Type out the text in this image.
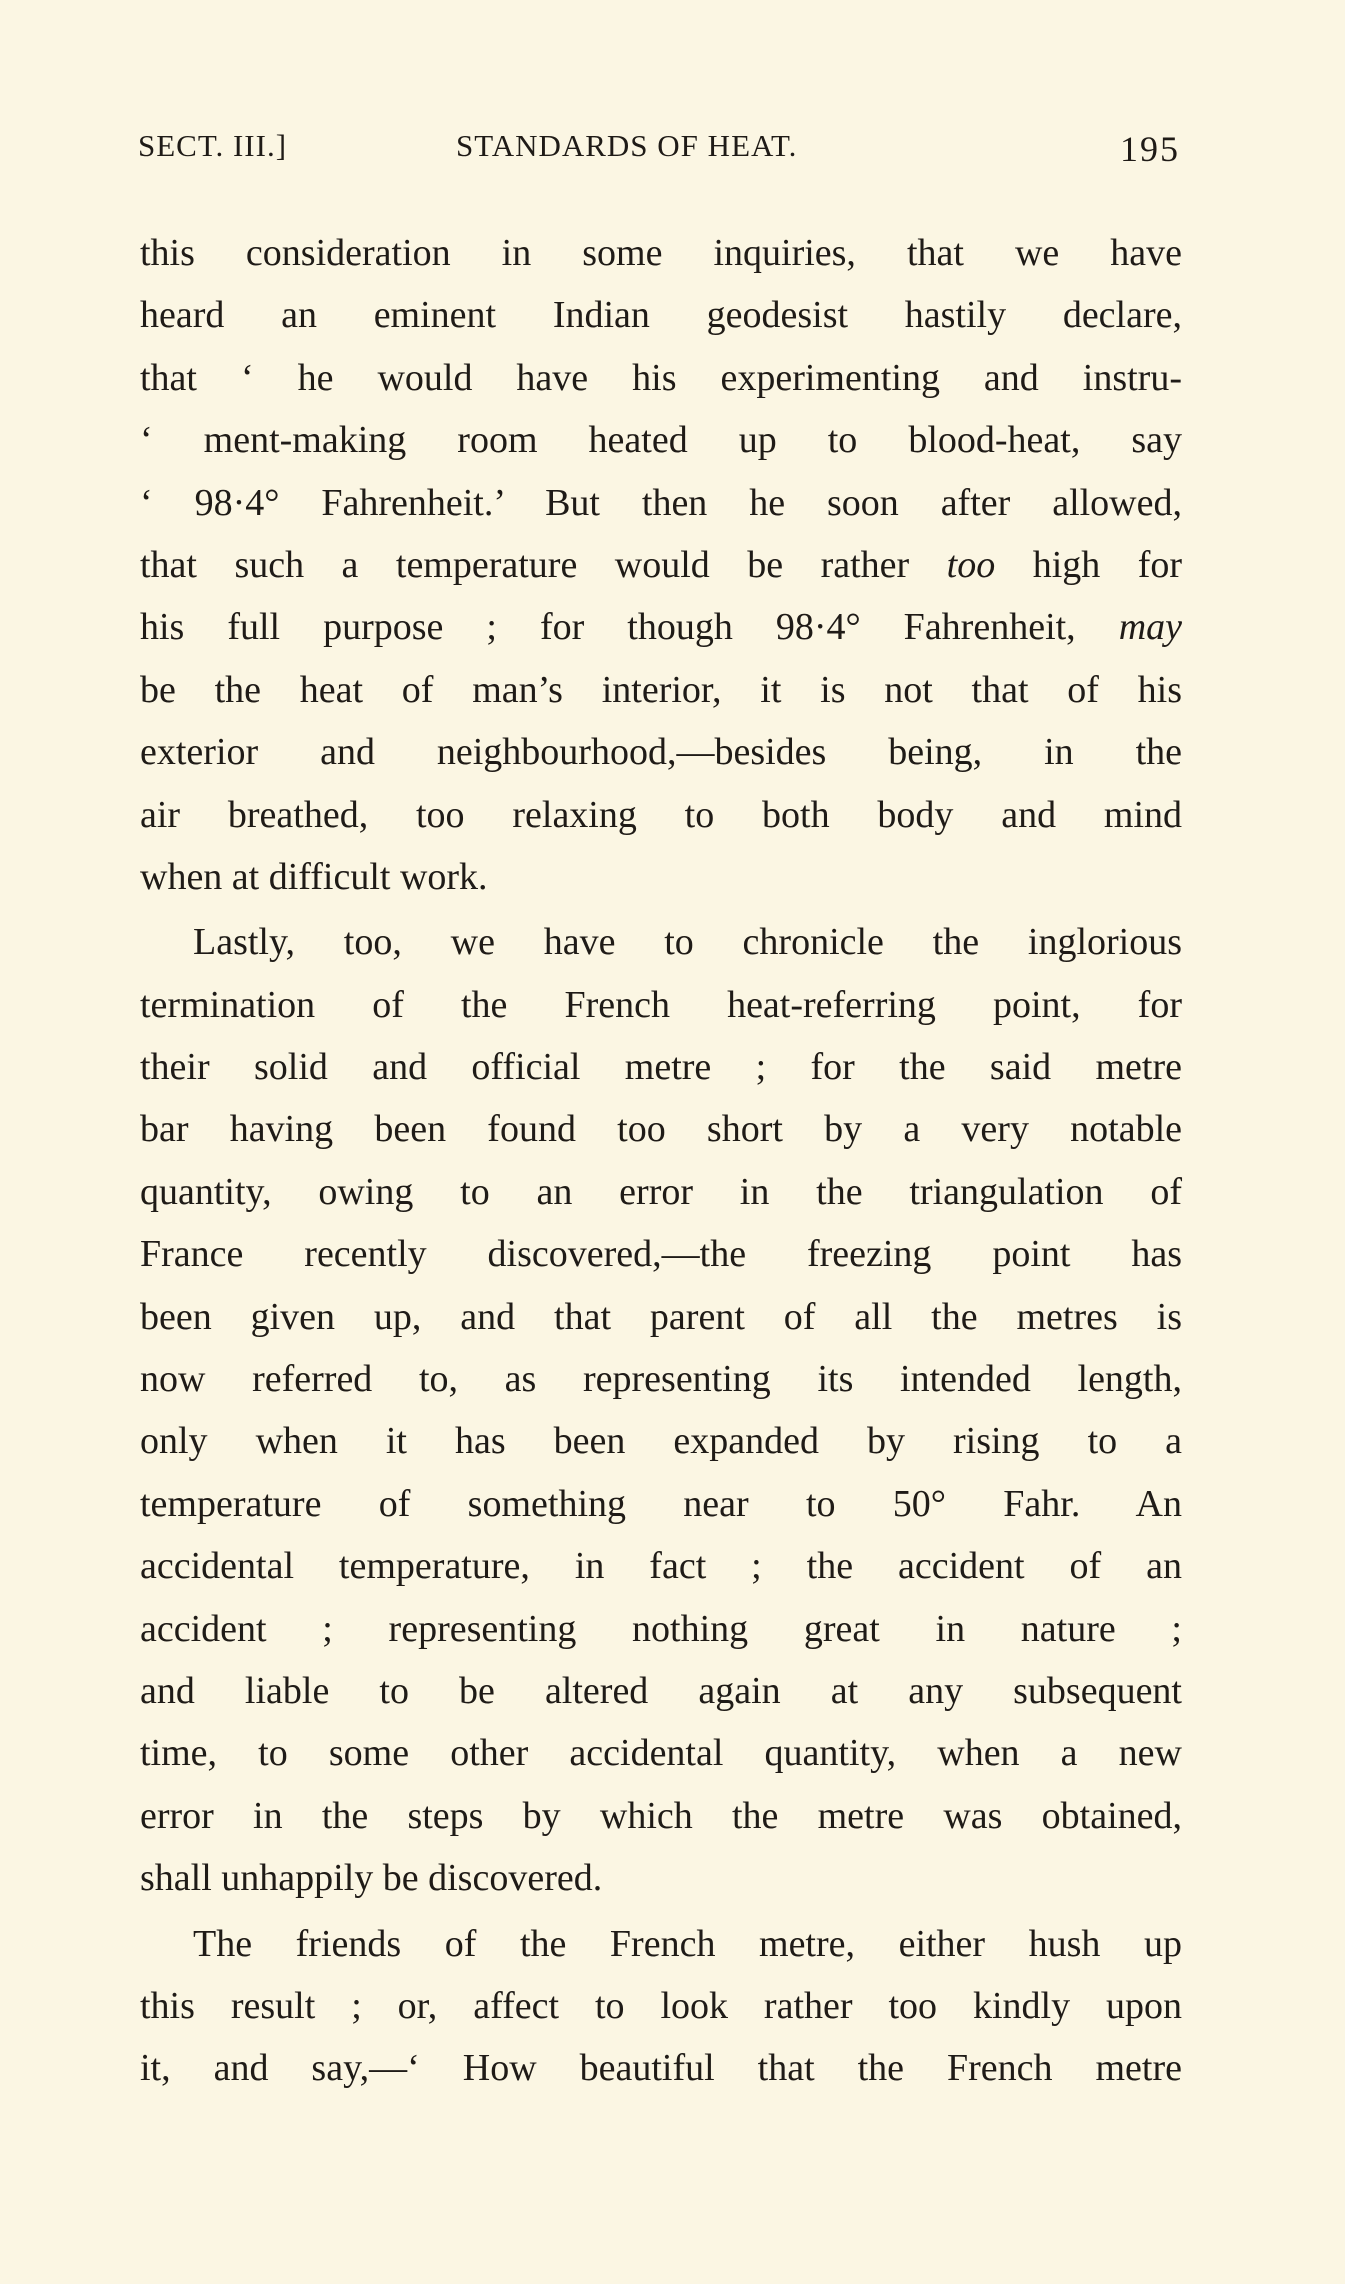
SECT. III.]	STANDARDS OF HEAT.	195
this consideration in some inquiries, that we have
heard an eminent Indian geodesist hastily declare,
that ‘ he would have his experimenting and instru-
‘ ment-making room heated up to blood-heat, say
‘ 98·4° Fahrenheit.’ But then he soon after allowed,
that such a temperature would be rather too high for
his full purpose ; for though 98·4° Fahrenheit, may
be the heat of man’s interior, it is not that of his
exterior and neighbourhood,—besides being, in the
air breathed, too relaxing to both body and mind
when at difficult work.
Lastly, too, we have to chronicle the inglorious
termination of the French heat-referring point, for
their solid and official metre ; for the said metre
bar having been found too short by a very notable
quantity, owing to an error in the triangulation of
France recently discovered,—the freezing point has
been given up, and that parent of all the metres is
now referred to, as representing its intended length,
only when it has been expanded by rising to a
temperature of something near to 50° Fahr. An
accidental temperature, in fact ; the accident of an
accident ; representing nothing great in nature ;
and liable to be altered again at any subsequent
time, to some other accidental quantity, when a new
error in the steps by which the metre was obtained,
shall unhappily be discovered.
The friends of the French metre, either hush up
this result ; or, affect to look rather too kindly upon
it, and say,—‘ How beautiful that the French metre
